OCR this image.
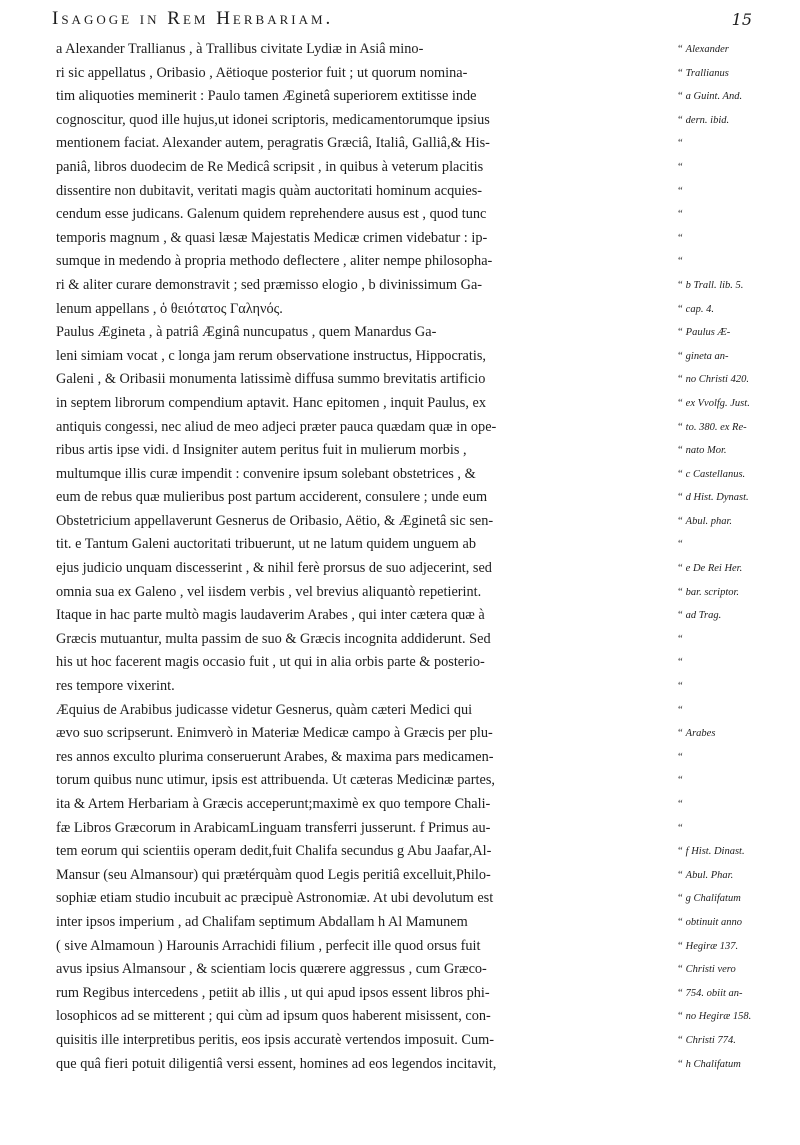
Isagoge in Rem Herbariam.	15
a Alexander Trallianus , à Trallibus civitate Lydiæ in Asiâ mino-
ri sic appellatus , Oribasio , Aëtioque posterior fuit ; ut quorum nomina-
tim aliquoties meminerit : Paulo tamen Æginetâ superiorem extitisse inde
cognoscitur, quod ille hujus,ut idonei scriptoris, medicamentorumque ipsius
mentionem faciat. Alexander autem, peragratis Græciâ, Italiâ, Galliâ,& His-
paniâ, libros duodecim de Re Medicâ scripsit , in quibus à veterum placitis
dissentire non dubitavit, veritati magis quàm auctoritati hominum acquies-
cendum esse judicans. Galenum quidem reprehendere ausus est , quod tunc
temporis magnum , & quasi læsæ Majestatis Medicæ crimen videbatur : ip-
sumque in medendo à propria methodo deflectere , aliter nempe philosopha-
ri & aliter curare demonstravit ; sed præmisso elogio , b divinissimum Ga-
lenum appellans , ὁ θειότατος Γαληνός.
Paulus Ægineta , à patriâ Æginâ nuncupatus , quem Manardus Ga-
leni simiam vocat , c longa jam rerum observatione instructus, Hippocratis,
Galeni , & Oribasii monumenta latissimè diffusa summo brevitatis artificio
in septem librorum compendium aptavit. Hanc epitomen , inquit Paulus, ex
antiquis congessi, nec aliud de meo adjeci præter pauca quædam quæ in ope-
ribus artis ipse vidi. d Insigniter autem peritus fuit in mulierum morbis ,
multumque illis curæ impendit : convenire ipsum solebant obstetrices , &
eum de rebus quæ mulieribus post partum acciderent, consulere ; unde eum
Obstetricium appellaverunt Gesnerus de Oribasio, Aëtio, & Æginetâ sic sen-
tit. e Tantum Galeni auctoritati tribuerunt, ut ne latum quidem unguem ab
ejus judicio unquam discesserint , & nihil ferè prorsus de suo adjecerint, sed
omnia sua ex Galeno , vel iisdem verbis , vel brevius aliquantò repetierint.
Itaque in hac parte multò magis laudaverim Arabes , qui inter cætera quæ à
Græcis mutuantur, multa passim de suo & Græcis incognita addiderunt. Sed
his ut hoc facerent magis occasio fuit , ut qui in alia orbis parte & posterio-
res tempore vixerint.
Æquius de Arabibus judicasse videtur Gesnerus, quàm cæteri Medici qui
ævo suo scripserunt. Enimverò in Materiæ Medicæ campo à Græcis per plu-
res annos exculto plurima conseruerunt Arabes, & maxima pars medicamen-
torum quibus nunc utimur, ipsis est attribuenda. Ut cæteras Medicinæ partes,
ita & Artem Herbariam à Græcis acceperunt;maximè ex quo tempore Chali-
fæ Libros Græcorum in ArabicamLinguam transferri jusserunt. f Primus au-
tem eorum qui scientiis operam dedit,fuit Chalifa secundus g Abu Jaafar,Al-
Mansur (seu Almansour) qui prætérquàm quod Legis peritiâ excelluit,Philo-
sophiæ etiam studio incubuit ac præcipuè Astronomiæ. At ubi devolutum est
inter ipsos imperium , ad Chalifam septimum Abdallam h Al Mamunem
( sive Almamoun ) Harounis Arrachidi filium , perfecit ille quod orsus fuit
avus ipsius Almansour , & scientiam locis quærere aggressus , cum Græco-
rum Regibus intercedens , petiit ab illis , ut qui apud ipsos essent libros phi-
losophicos ad se mitterent ; qui cùm ad ipsum quos haberent misissent, con-
quisitis ille interpretibus peritis, eos ipsis accuratè vertendos imposuit. Cum-
que quâ fieri potuit diligentiâ versi essent, homines ad eos legendos incitavit,
“ Alexander
“ Trallianus
“ a Guint. And.
“ dern. ibid.
“
“
“
“
“
“
“ b Trall. lib. 5.
“ cap. 4.
“ Paulus Æ-
“ gineta an-
“ no Christi 420.
“ ex Vvolfg. Just.
“ to. 380. ex Re-
“ nato Mor.
“ c Castellanus.
“ d Hist. Dynast.
“ Abul. phar.
“
“ e De Rei Her.
“ bar. scriptor.
“ ad Trag.
“
“
“
“
“ Arabes
“
“
“
“
“ f Hist. Dinast.
“ Abul. Phar.
“ g Chalifatum
“ obtinuit anno
“ Hegiræ 137.
“ Christi vero
“ 754. obiit an-
“ no Hegiræ 158.
“ Christi 774.
“ h Chalifatum
